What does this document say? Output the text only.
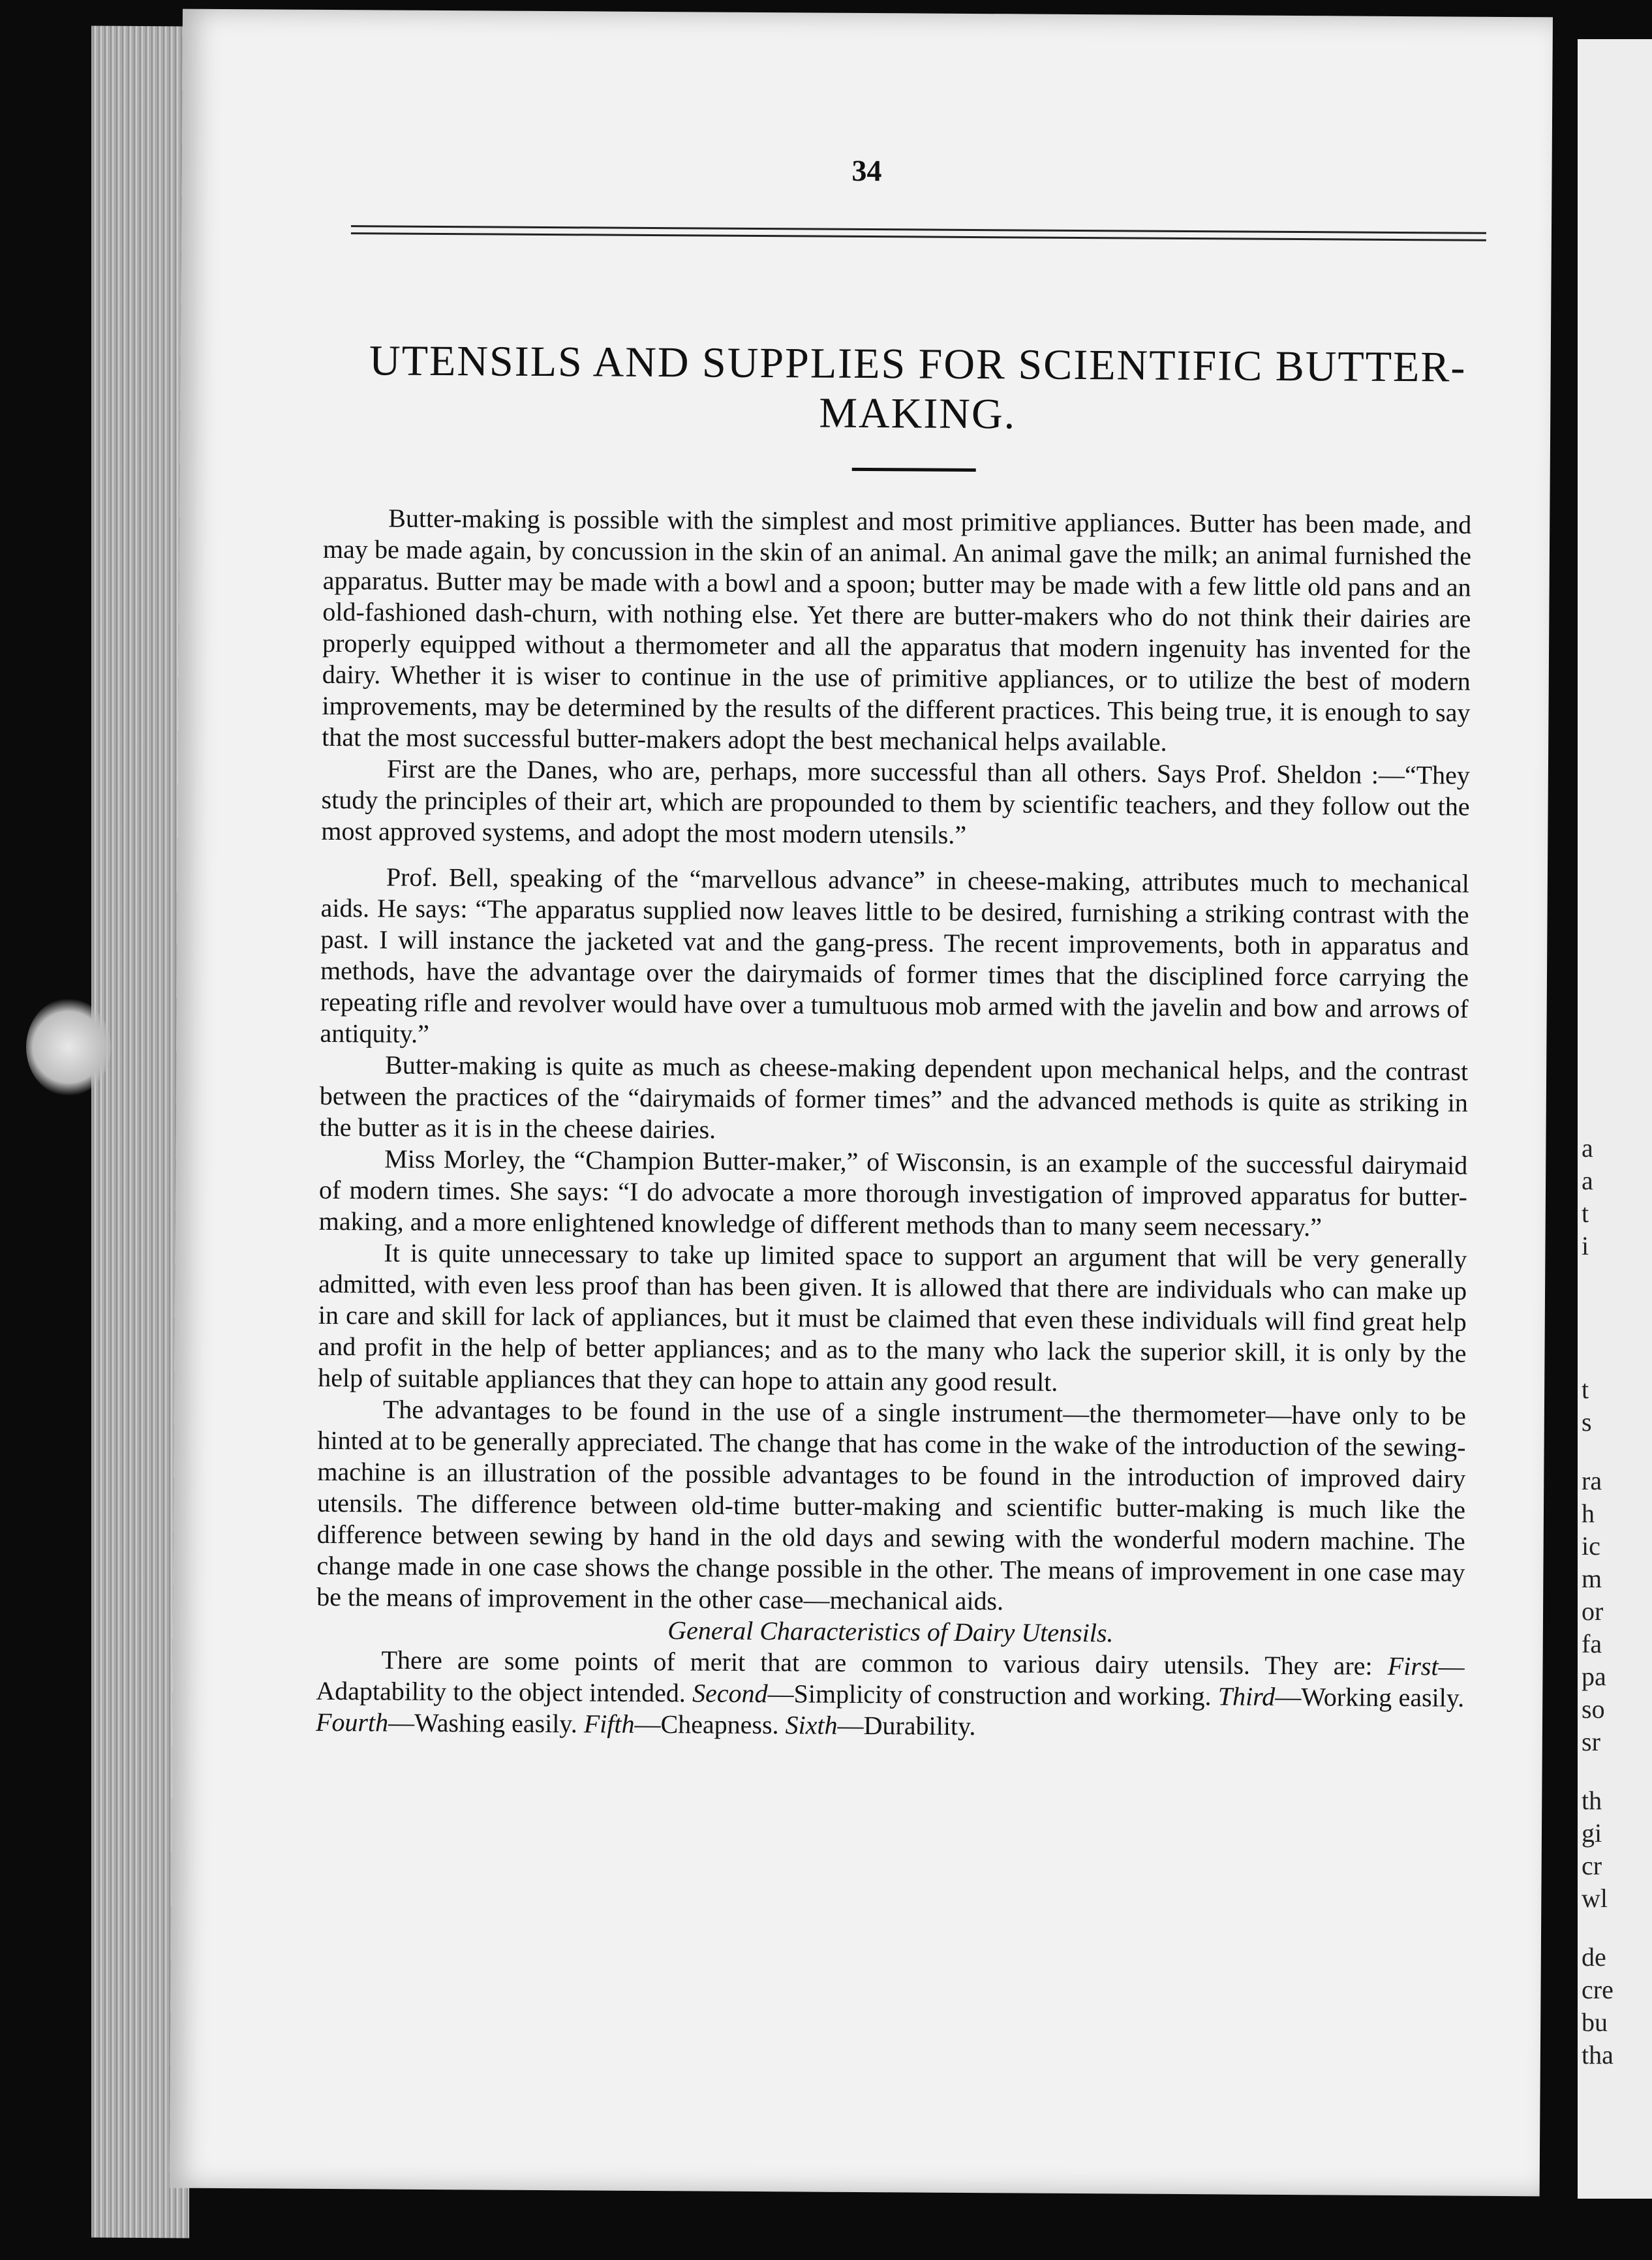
a
a
t
i
t
s
ra
h
ic
m
or
fa
pa
so
sr
th
gi
cr
wl
de
cre
bu
tha
34
UTENSILS AND SUPPLIES FOR SCIENTIFIC BUTTER-MAKING.

Butter-making is possible with the simplest and most primitive appliances. Butter has been made, and may be made again, by concussion in the skin of an animal. An animal gave the milk; an animal furnished the apparatus. Butter may be made with a bowl and a spoon; butter may be made with a few little old pans and an old-fashioned dash-churn, with nothing else. Yet there are butter-makers who do not think their dairies are properly equipped without a thermometer and all the apparatus that modern ingenuity has invented for the dairy. Whether it is wiser to continue in the use of primitive appliances, or to utilize the best of modern improvements, may be determined by the results of the different practices. This being true, it is enough to say that the most successful butter-makers adopt the best mechanical helps available.

First are the Danes, who are, perhaps, more successful than all others. Says Prof. Sheldon :—“They study the principles of their art, which are propounded to them by scientific teachers, and they follow out the most approved systems, and adopt the most modern utensils.”

Prof. Bell, speaking of the “marvellous advance” in cheese-making, attributes much to mechanical aids. He says: “The apparatus supplied now leaves little to be desired, furnishing a striking contrast with the past. I will instance the jacketed vat and the gang-press. The recent improvements, both in apparatus and methods, have the advantage over the dairymaids of former times that the disciplined force carrying the repeating rifle and revolver would have over a tumultuous mob armed with the javelin and bow and arrows of antiquity.”

Butter-making is quite as much as cheese-making dependent upon mechanical helps, and the contrast between the practices of the “dairymaids of former times” and the advanced methods is quite as striking in the butter as it is in the cheese dairies.

Miss Morley, the “Champion Butter-maker,” of Wisconsin, is an example of the successful dairymaid of modern times. She says: “I do advocate a more thorough investigation of improved apparatus for butter-making, and a more enlightened knowledge of different methods than to many seem necessary.”

It is quite unnecessary to take up limited space to support an argument that will be very generally admitted, with even less proof than has been given. It is allowed that there are individuals who can make up in care and skill for lack of appliances, but it must be claimed that even these individuals will find great help and profit in the help of better appliances; and as to the many who lack the superior skill, it is only by the help of suitable appliances that they can hope to attain any good result.

The advantages to be found in the use of a single instrument—the thermometer—have only to be hinted at to be generally appreciated. The change that has come in the wake of the introduction of the sewing-machine is an illustration of the possible advantages to be found in the introduction of improved dairy utensils. The difference between old-time butter-making and scientific butter-making is much like the difference between sewing by hand in the old days and sewing with the wonderful modern machine. The change made in one case shows the change possible in the other. The means of improvement in one case may be the means of improvement in the other case—mechanical aids.

General Characteristics of Dairy Utensils.

There are some points of merit that are common to various dairy utensils. They are: First—Adaptability to the object intended. Second—Simplicity of construction and working. Third—Working easily. Fourth—Washing easily. Fifth—Cheapness. Sixth—Durability.
